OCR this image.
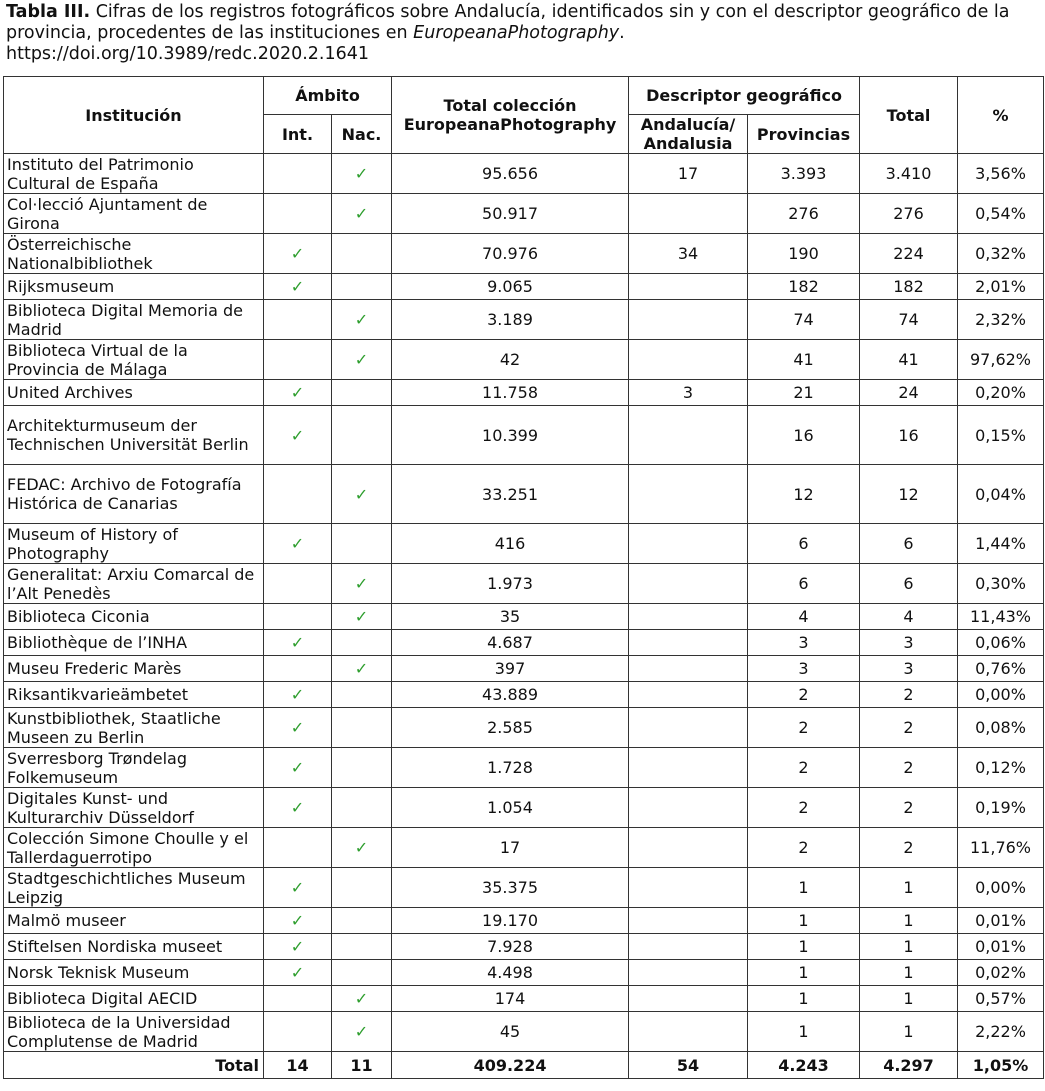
Tabla III. Cifras de los registros fotográficos sobre Andalucía, identificados sin y con el descriptor geográfico de la provincia, procedentes de las instituciones en EuropeanaPhotography.
https://doi.org/10.3989/redc.2020.2.1641

Institución	Ámbito		Total colección EuropeanaPhotography	Descriptor geográfico		Total	%
	Int.	Nac.		Andalucía/ Andalusia	Provincias		
Instituto del Patrimonio Cultural de España		✓	95.656	17	3.393	3.410	3,56%
Col·lecció Ajuntament de Girona		✓	50.917		276	276	0,54%
Österreichische Nationalbibliothek	✓		70.976	34	190	224	0,32%
Rijksmuseum	✓		9.065		182	182	2,01%
Biblioteca Digital Memoria de Madrid		✓	3.189		74	74	2,32%
Biblioteca Virtual de la Provincia de Málaga		✓	42		41	41	97,62%
United Archives	✓		11.758	3	21	24	0,20%
Architekturmuseum der Technischen Universität Berlin	✓		10.399		16	16	0,15%
FEDAC: Archivo de Fotografía Histórica de Canarias		✓	33.251		12	12	0,04%
Museum of History of Photography	✓		416		6	6	1,44%
Generalitat: Arxiu Comarcal de l’Alt Penedès		✓	1.973		6	6	0,30%
Biblioteca Ciconia		✓	35		4	4	11,43%
Bibliothèque de l’INHA	✓		4.687		3	3	0,06%
Museu Frederic Marès		✓	397		3	3	0,76%
Riksantikvarieämbetet	✓		43.889		2	2	0,00%
Kunstbibliothek, Staatliche Museen zu Berlin	✓		2.585		2	2	0,08%
Sverresborg Trøndelag Folkemuseum	✓		1.728		2	2	0,12%
Digitales Kunst- und Kulturarchiv Düsseldorf	✓		1.054		2	2	0,19%
Colección Simone Choulle y el Tallerdaguerrotipo		✓	17		2	2	11,76%
Stadtgeschichtliches Museum Leipzig	✓		35.375		1	1	0,00%
Malmö museer	✓		19.170		1	1	0,01%
Stiftelsen Nordiska museet	✓		7.928		1	1	0,01%
Norsk Teknisk Museum	✓		4.498		1	1	0,02%
Biblioteca Digital AECID		✓	174		1	1	0,57%
Biblioteca de la Universidad Complutense de Madrid		✓	45		1	1	2,22%
Total	14	11	409.224	54	4.243	4.297	1,05%
